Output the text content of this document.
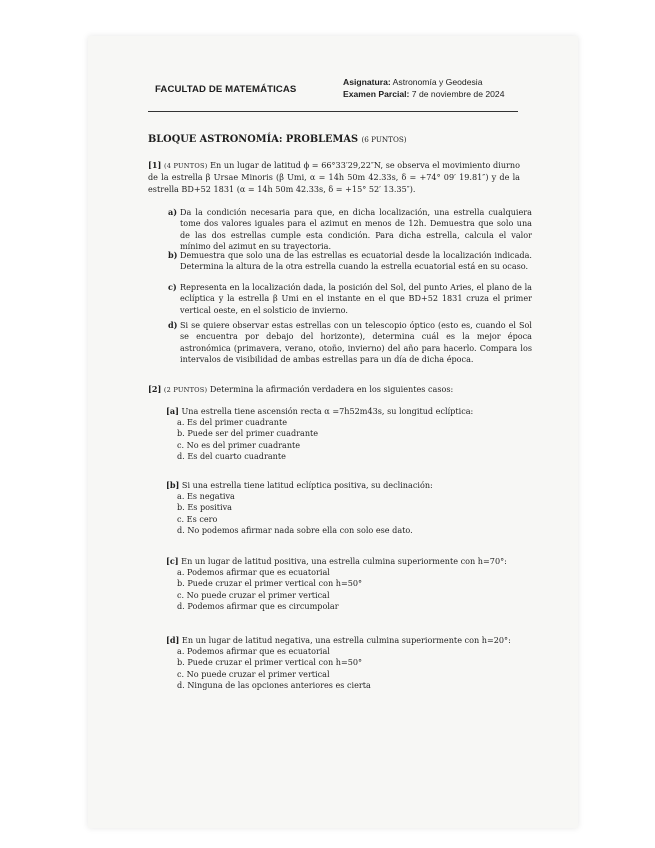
FACULTAD DE MATEMÁTICAS
Asignatura: Astronomía y Geodesia
Examen Parcial: 7 de noviembre de 2024
BLOQUE ASTRONOMÍA: PROBLEMAS (6 PUNTOS)
[1] (4 PUNTOS) En un lugar de latitud ϕ = 66°33′29,22″N, se observa el movimiento diurno de la estrella β Ursae Minoris (β Umi, α = 14h 50m 42.33s, δ = +74° 09′ 19.81″) y de la estrella BD+52 1831 (α = 14h 50m 42.33s, δ = +15° 52′ 13.35″).
a) Da la condición necesaria para que, en dicha localización, una estrella cualquiera tome dos valores iguales para el azimut en menos de 12h. Demuestra que solo una de las dos estrellas cumple esta condición. Para dicha estrella, calcula el valor mínimo del azimut en su trayectoria.
b) Demuestra que solo una de las estrellas es ecuatorial desde la localización indicada. Determina la altura de la otra estrella cuando la estrella ecuatorial está en su ocaso.
c) Representa en la localización dada, la posición del Sol, del punto Aries, el plano de la eclíptica y la estrella β Umi en el instante en el que BD+52 1831 cruza el primer vertical oeste, en el solsticio de invierno.
d) Si se quiere observar estas estrellas con un telescopio óptico (esto es, cuando el Sol se encuentra por debajo del horizonte), determina cuál es la mejor época astronómica (primavera, verano, otoño, invierno) del año para hacerlo. Compara los intervalos de visibilidad de ambas estrellas para un día de dicha época.
[2] (2 PUNTOS) Determina la afirmación verdadera en los siguientes casos:
[a] Una estrella tiene ascensión recta α =7h52m43s, su longitud eclíptica:
a. Es del primer cuadrante
b. Puede ser del primer cuadrante
c. No es del primer cuadrante
d. Es del cuarto cuadrante
[b] Si una estrella tiene latitud eclíptica positiva, su declinación:
a. Es negativa
b. Es positiva
c. Es cero
d. No podemos afirmar nada sobre ella con solo ese dato.
[c] En un lugar de latitud positiva, una estrella culmina superiormente con h=70°:
a. Podemos afirmar que es ecuatorial
b. Puede cruzar el primer vertical con h=50°
c. No puede cruzar el primer vertical
d. Podemos afirmar que es circumpolar
[d] En un lugar de latitud negativa, una estrella culmina superiormente con h=20°:
a. Podemos afirmar que es ecuatorial
b. Puede cruzar el primer vertical con h=50°
c. No puede cruzar el primer vertical
d. Ninguna de las opciones anteriores es cierta
